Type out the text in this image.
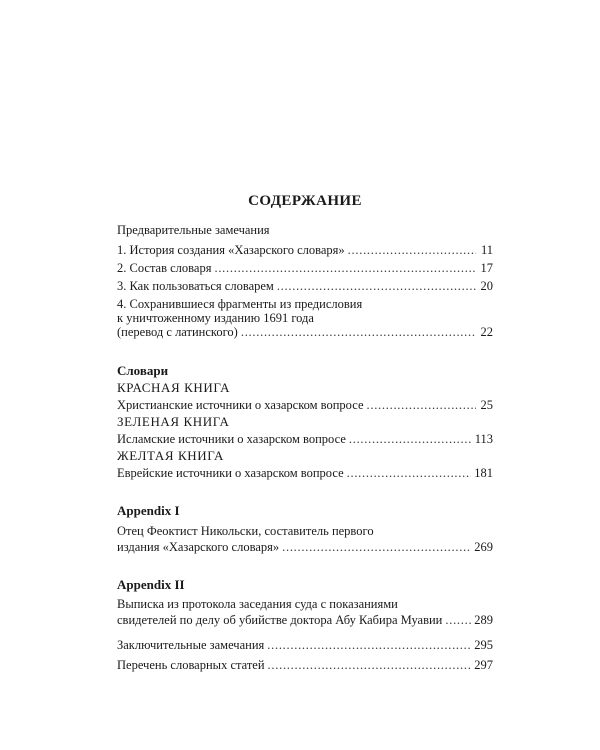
СОДЕРЖАНИЕ
Предварительные замечания
1. История создания «Хазарского словаря» . . .	11
2. Состав словаря . . .	17
3. Как пользоваться словарем . . .	20
4. Сохранившиеся фрагменты из предисловия
к уничтоженному изданию 1691 года
(перевод с латинского) . . .	22
Словари
КРАСНАЯ КНИГА
Христианские источники о хазарском вопросе . . .	25
ЗЕЛЕНАЯ КНИГА
Исламские источники о хазарском вопросе . . .	113
ЖЕЛТАЯ КНИГА
Еврейские источники о хазарском вопросе . . .	181
Appendix I
Отец Феоктист Никольски, составитель первого
издания «Хазарского словаря» . . .	269
Appendix II
Выписка из протокола заседания суда с показаниями
свидетелей по делу об убийстве доктора Абу Кабира Муавии . . .	289
Заключительные замечания . . .	295
Перечень словарных статей . . .	297
